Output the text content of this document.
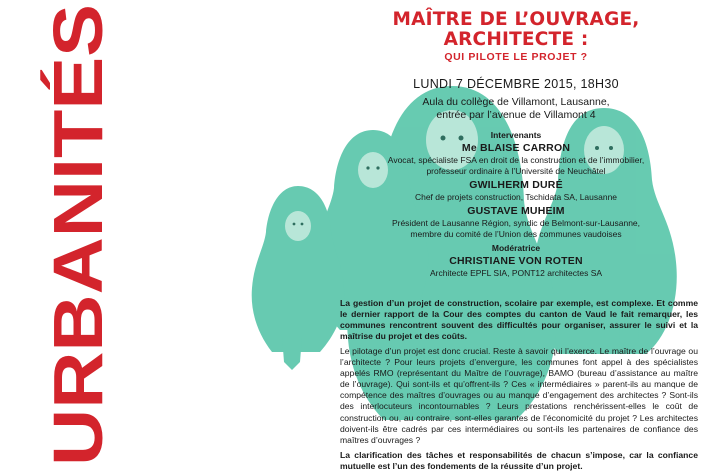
URBANITÉS
MAÎTRE DE L’OUVRAGE,
ARCHITECTE :
QUI PILOTE LE PROJET ?
LUNDI 7 DÉCEMBRE 2015, 18H30
Aula du collège de Villamont, Lausanne,
entrée par l’avenue de Villamont 4
Intervenants
Me BLAISE CARRON
Avocat, spécialiste FSA en droit de la construction et de l’immobilier,
professeur ordinaire à l’Université de Neuchâtel
GWILHERM DURÉ
Chef de projets construction, Tschidata SA, Lausanne
GUSTAVE MUHEIM
Président de Lausanne Région, syndic de Belmont-sur-Lausanne,
membre du comité de l’Union des communes vaudoises
Modératrice
CHRISTIANE VON ROTEN
Architecte EPFL SIA, PONT12 architectes SA

La gestion d’un projet de construction, scolaire par exemple, est complexe. Et comme le dernier rapport de la Cour des comptes du canton de Vaud le fait remarquer, les communes rencontrent souvent des difficultés pour organiser, assurer le suivi et la maîtrise du projet et des coûts.

Le pilotage d’un projet est donc crucial. Reste à savoir qui l’exerce. Le maître de l’ouvrage ou l’architecte ? Pour leurs projets d’envergure, les communes font appel à des spécialistes appelés RMO (représentant du Maître de l’ouvrage), BAMO (bureau d’assistance au maître de l’ouvrage). Qui sont-ils et qu’offrent-ils ? Ces « intermédiaires » parent-ils au manque de compétence des maîtres d’ouvrages ou au manque d’engagement des architectes ? Sont-ils des interlocuteurs incontournables ? Leurs prestations renchérissent-elles le coût de construction ou, au contraire, sont-elles garantes de l’économicité du projet ? Les architectes doivent-ils être cadrés par ces intermédiaires ou sont-ils les partenaires de confiance des maîtres d’ouvrages ?

La clarification des tâches et responsabilités de chacun s’impose, car la confiance mutuelle est l’un des fondements de la réussite d’un projet.
